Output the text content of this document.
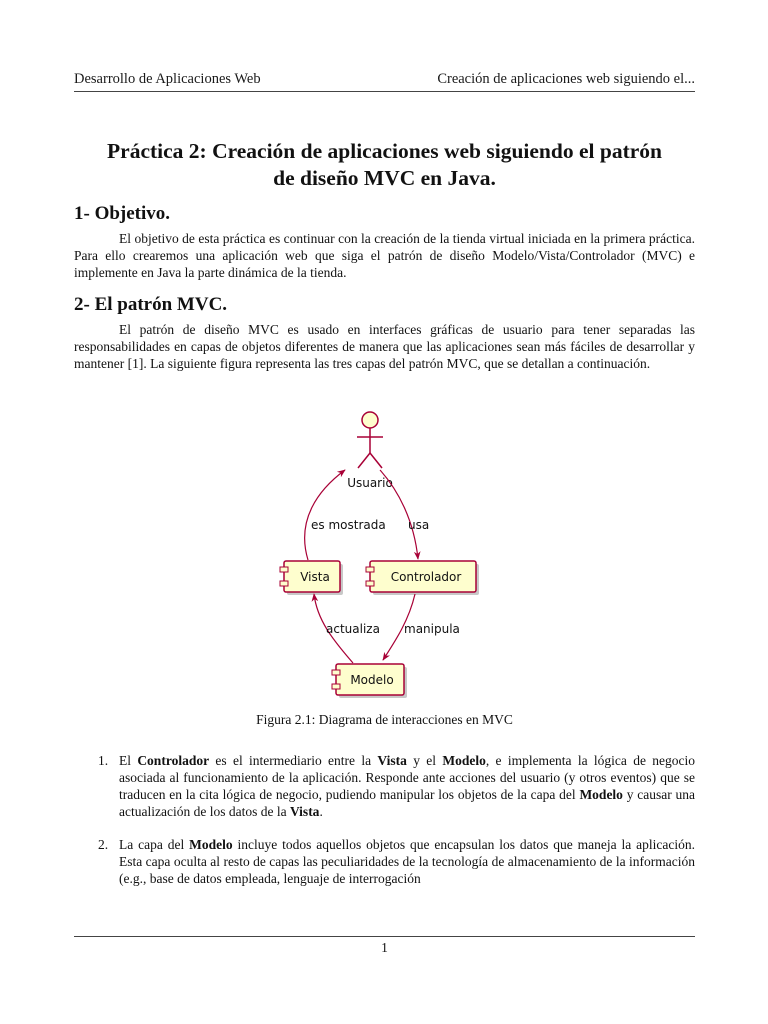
Desarrollo de Aplicaciones Web	Creación de aplicaciones web siguiendo el...
Práctica 2: Creación de aplicaciones web siguiendo el patrón
de diseño MVC en Java.
1- Objetivo.

El objetivo de esta práctica es continuar con la creación de la tienda virtual iniciada en la primera práctica. Para ello crearemos una aplicación web que siga el patrón de diseño Modelo/Vista/Controlador (MVC) e implemente en Java la parte dinámica de la tienda.

2- El patrón MVC.

El patrón de diseño MVC es usado en interfaces gráficas de usuario para tener separadas las responsabilidades en capas de objetos diferentes de manera que las aplicaciones sean más fáciles de desarrollar y mantener [1]. La siguiente figura representa las tres capas del patrón MVC, que se detallan a continuación.

Usuario
Vista	Controlador
Modelo
es mostrada usa
actualiza manipula

Figura 2.1: Diagrama de interacciones en MVC

1. El Controlador es el intermediario entre la Vista y el Modelo, e implementa la lógica de negocio asociada al funcionamiento de la aplicación. Responde ante acciones del usuario (y otros eventos) que se traducen en la cita lógica de negocio, pudiendo manipular los objetos de la capa del Modelo y causar una actualización de los datos de la Vista.
2. La capa del Modelo incluye todos aquellos objetos que encapsulan los datos que maneja la aplicación. Esta capa oculta al resto de capas las peculiaridades de la tecnología de almacenamiento de la información (e.g., base de datos empleada, lenguaje de interrogación
1
